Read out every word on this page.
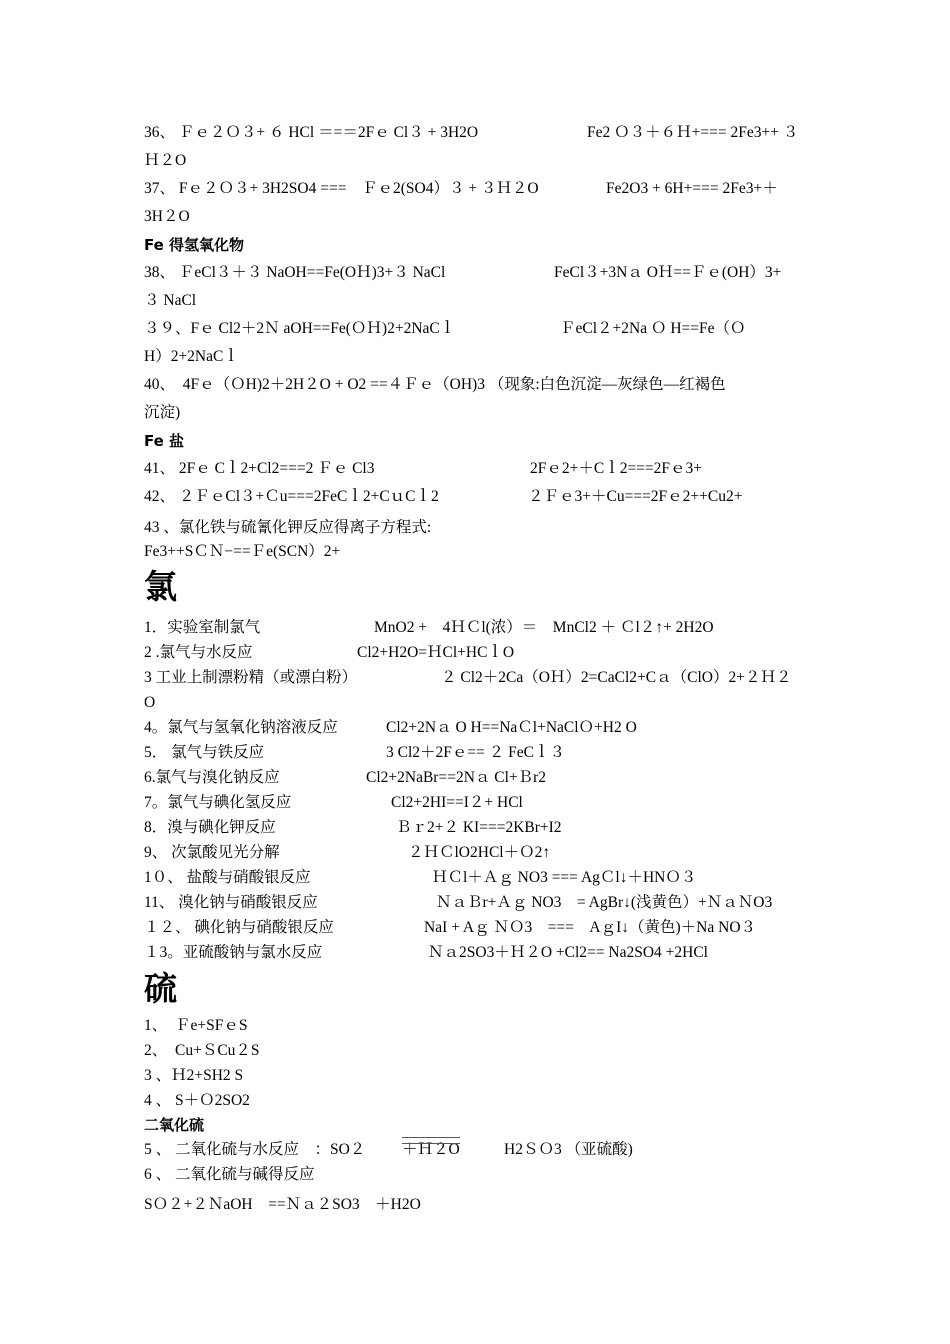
36、 Ｆｅ２Ｏ３+ ６ HCl ＝=＝2Fｅ Cl３ + 3H2O	Fe2 Ｏ３＋６Ｈ+=== 2Fe3++ ３
Ｈ２O
37、 Fｅ２Ｏ３+ 3H2SO4 ===　Ｆｅ2(SO4）３ + ３Ｈ２O	Fe2O3 + 6H+=== 2Fe3+＋
3H２O
Fe 得氢氧化物
38、 ＦeCl３＋３ NaOH==Fe(OＨ)3+３ NaCl	FeCl３+3Nａ OＨ==Ｆｅ(OH）3+
３ NaCl
３９、Fｅ Cl2＋2Ｎ aOH==Fe(ＯＨ)2+2NaCｌ	ＦeCl２+2Na Ｏ H==Fe（Ｏ
H）2+2NaCｌ
40、　4Fｅ（ＯH)2＋2H２O + O2 ==４Ｆｅ（OH)3 （现象:白色沉淀—灰绿色—红褐色
沉淀)
Fe 盐
41、 2Fｅ Cｌ2+Cl2===2 Ｆｅ Cl3	2Fｅ2+＋Cｌ2===2Fｅ3+
42、 ２ＦｅCl３+Ｃu===2FeCｌ2+CｕCｌ2	２Ｆｅ3+＋Cu===2Fｅ2++Cu2+
43 、氯化铁与硫氰化钾反应得离子方程式:
Fe3++SＣＮ−==Ｆe(SCN）2+
氯
1．实验室制氯气	MnO2 +　4ＨＣl(浓）＝　MnCl2 ＋ Ｃl２↑+ 2H2O
2 .氯气与水反应	Cl2+H2O=ＨCl+HCｌO
3 工业上制漂粉精（或漂白粉）	２ Cl2＋2Ca（OＨ）2=CaCl2+Cａ（ClO）2+２Ｈ２
O
4。氯气与氢氧化钠溶液反应	Cl2+2Nａ O H==NaＣl+NaClＯ+H2 O
5． 氯气与铁反应	3 Cl2＋2Fｅ== ２ FeCｌ３
6.氯气与溴化钠反应	Cl2+2NaBr==2Nａ Cl+Ｂr2
7。氯气与碘化氢反应	Cl2+2HI==I２+ HCl
8．溴与碘化钾反应	Ｂｒ2+２ KI===2KBr+I2
9、 次氯酸见光分解	２ＨＣlO2HCl＋Ｏ2↑
1０、 盐酸与硝酸银反应	ＨＣl＋Ａｇ NO3 === AgＣl↓＋HNＯ３
11、 溴化钠与硝酸银反应	ＮａＢr+Ａｇ NO3　= AgBr↓(浅黄色）+ＮａＮO3
１２、 碘化钠与硝酸银反应	NaI + Aｇ ＮＯ3　===　AｇI↓（黄色)＋Na NO３
１3。亚硫酸钠与氯水反应	Ｎａ2SO3＋Ｈ２O +Cl2== Na2SO4 +2HCl
硫
1、　Ｆe+SFｅS
2、　Cu+ＳCu２S
3 、Ｈ2+SH2 S
4 、 S＋Ｏ2SO2
二氧化硫
5 、 二氧化硫与水反应　：SO２ ＋Ｈ２O	H2ＳＯ3 （亚硫酸)
6 、 二氧化硫与碱得反应
SＯ２+２ＮaOH　==Ｎａ２SO3　＋H2O
